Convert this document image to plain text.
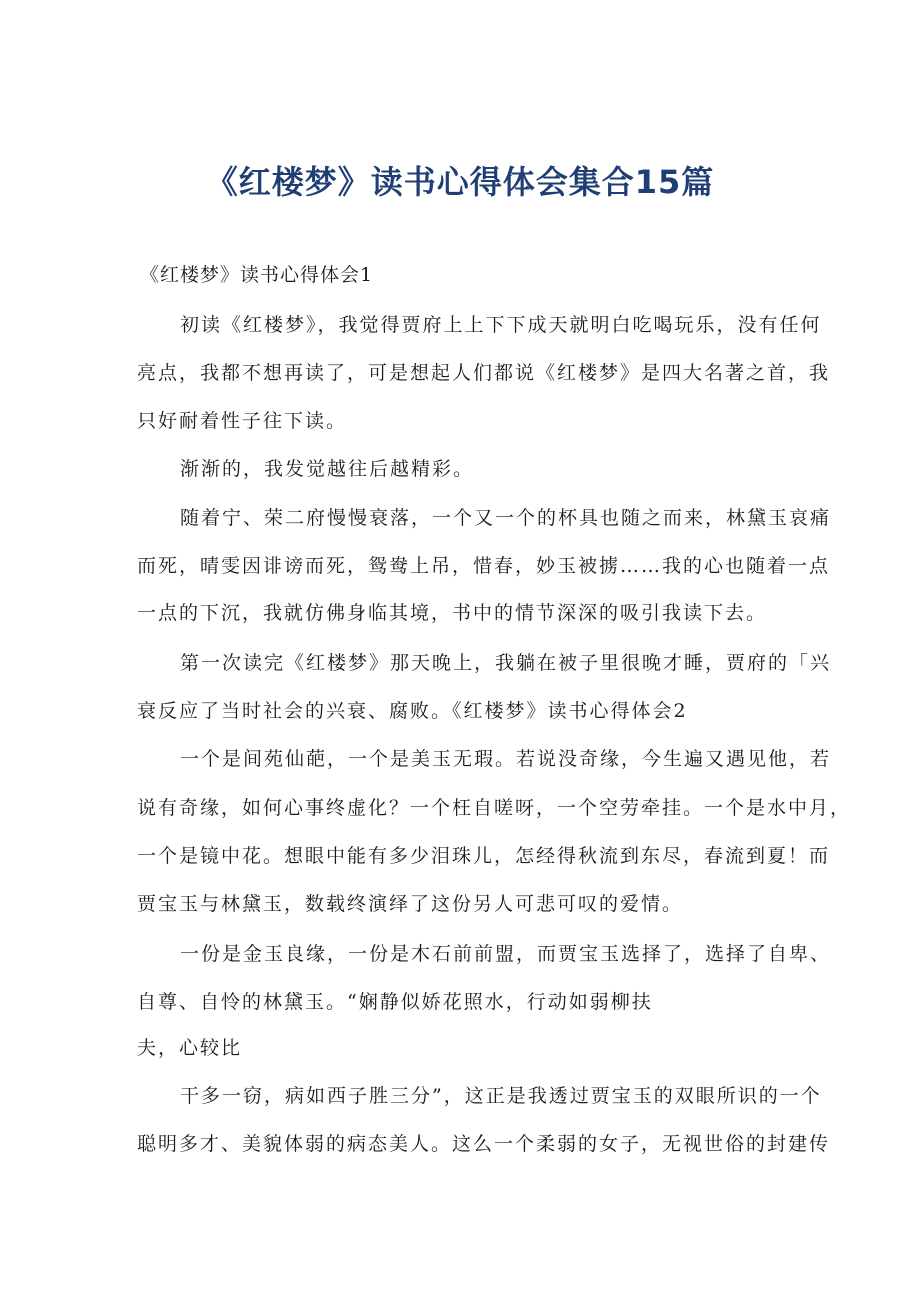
《红楼梦》读书心得体会集合15篇
《红楼梦》读书心得体会1
初读《红楼梦》，我觉得贾府上上下下成天就明白吃喝玩乐，没有任何
亮点，我都不想再读了，可是想起人们都说《红楼梦》是四大名著之首，我
只好耐着性子往下读。
渐渐的，我发觉越往后越精彩。
随着宁、荣二府慢慢衰落，一个又一个的杯具也随之而来，林黛玉哀痛
而死，晴雯因诽谤而死，鸳鸯上吊，惜春，妙玉被掳……我的心也随着一点
一点的下沉，我就仿佛身临其境，书中的情节深深的吸引我读下去。
第一次读完《红楼梦》那天晚上，我躺在被子里很晚才睡，贾府的「兴
衰反应了当时社会的兴衰、腐败。《红楼梦》读书心得体会2
一个是间苑仙葩，一个是美玉无瑕。若说没奇缘，今生遍又遇见他，若
说有奇缘，如何心事终虚化？一个枉自嗟呀，一个空劳牵挂。一个是水中月，
一个是镜中花。想眼中能有多少泪珠儿，怎经得秋流到东尽，春流到夏！而
贾宝玉与林黛玉，数载终演绎了这份另人可悲可叹的爱情。
一份是金玉良缘，一份是木石前前盟，而贾宝玉选择了，选择了自卑、
自尊、自怜的林黛玉。“娴静似娇花照水，行动如弱柳扶
夫，心较比
干多一窃，病如西子胜三分”，这正是我透过贾宝玉的双眼所识的一个
聪明多才、美貌体弱的病态美人。这么一个柔弱的女子，无视世俗的封建传
